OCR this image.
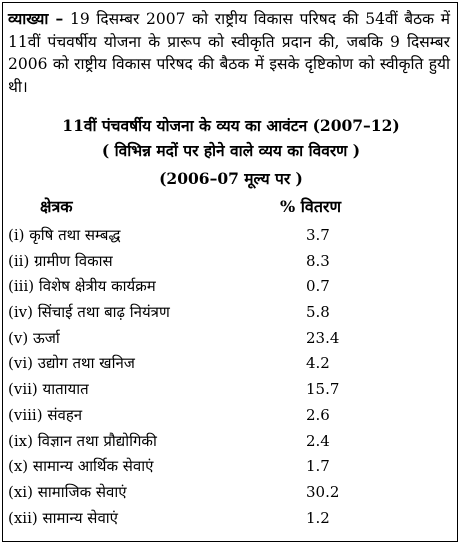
व्याख्या – 19 दिसम्बर 2007 को राष्ट्रीय विकास परिषद की 54वीं बैठक में 11वीं पंचवर्षीय योजना के प्रारूप को स्वीकृति प्रदान की, जबकि 9 दिसम्बर 2006 को राष्ट्रीय विकास परिषद की बैठक में इसके दृष्टिकोण को स्वीकृति हुयी थी।
11वीं पंचवर्षीय योजना के व्यय का आवंटन (2007–12)
( विभिन्न मदों पर होने वाले व्यय का विवरण )
(2006–07 मूल्य पर )
क्षेत्रक	% वितरण
(i) कृषि तथा सम्बद्ध	3.7
(ii) ग्रामीण विकास	8.3
(iii) विशेष क्षेत्रीय कार्यक्रम	0.7
(iv) सिंचाई तथा बाढ़ नियंत्रण	5.8
(v) ऊर्जा	23.4
(vi) उद्योग तथा खनिज	4.2
(vii) यातायात	15.7
(viii) संवहन	2.6
(ix) विज्ञान तथा प्रौद्योगिकी	2.4
(x) सामान्य आर्थिक सेवाएं	1.7
(xi) सामाजिक सेवाएं	30.2
(xii) सामान्य सेवाएं	1.2
